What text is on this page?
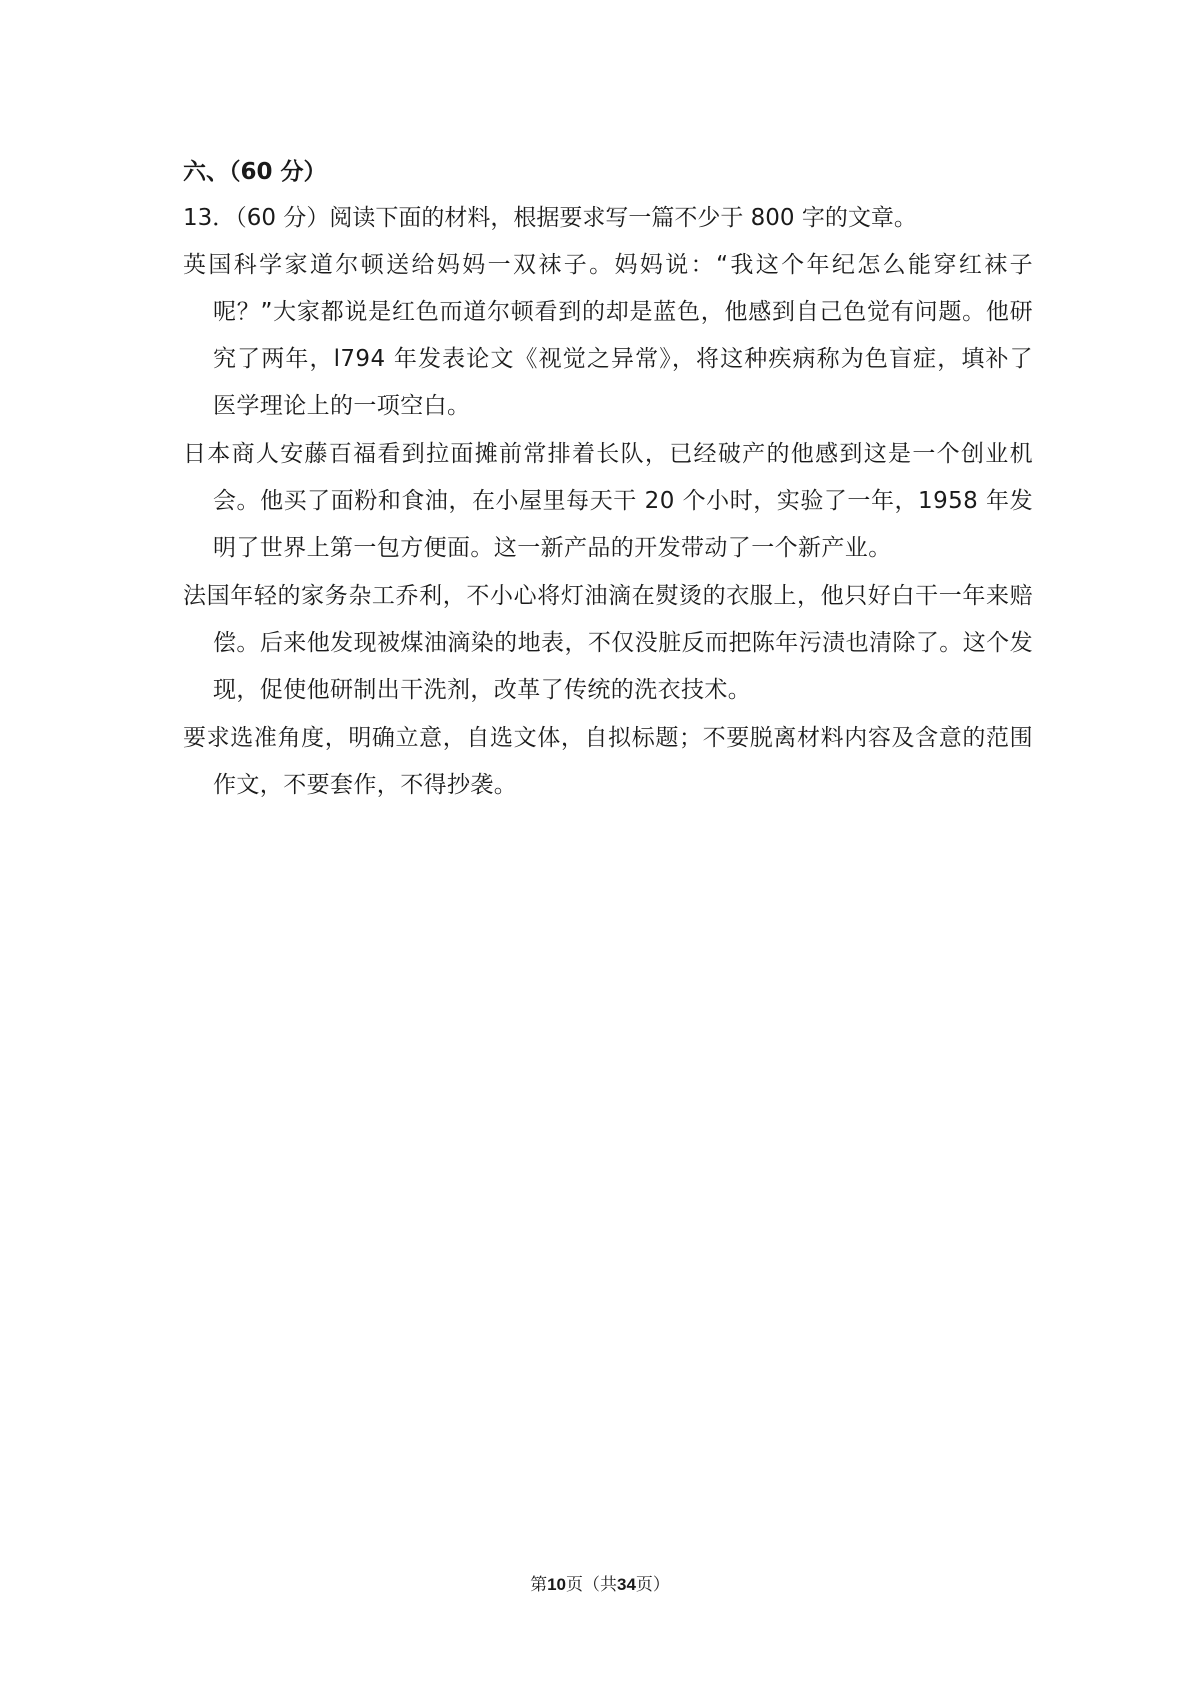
六、（60 分）
13．（60 分）阅读下面的材料，根据要求写一篇不少于 800 字的文章。
英国科学家道尔顿送给妈妈一双袜子。妈妈说：“我这个年纪怎么能穿红袜子呢？”大家都说是红色而道尔顿看到的却是蓝色，他感到自己色觉有问题。他研究了两年，l794 年发表论文《视觉之异常》，将这种疾病称为色盲症，填补了医学理论上的一项空白。
日本商人安藤百福看到拉面摊前常排着长队，已经破产的他感到这是一个创业机会。他买了面粉和食油，在小屋里每天干 20 个小时，实验了一年，1958 年发明了世界上第一包方便面。这一新产品的开发带动了一个新产业。
法国年轻的家务杂工乔利，不小心将灯油滴在熨烫的衣服上，他只好白干一年来赔偿。后来他发现被煤油滴染的地表，不仅没脏反而把陈年污渍也清除了。这个发现，促使他研制出干洗剂，改革了传统的洗衣技术。
要求选准角度，明确立意，自选文体，自拟标题；不要脱离材料内容及含意的范围作文，不要套作，不得抄袭。
第10页（共34页）
